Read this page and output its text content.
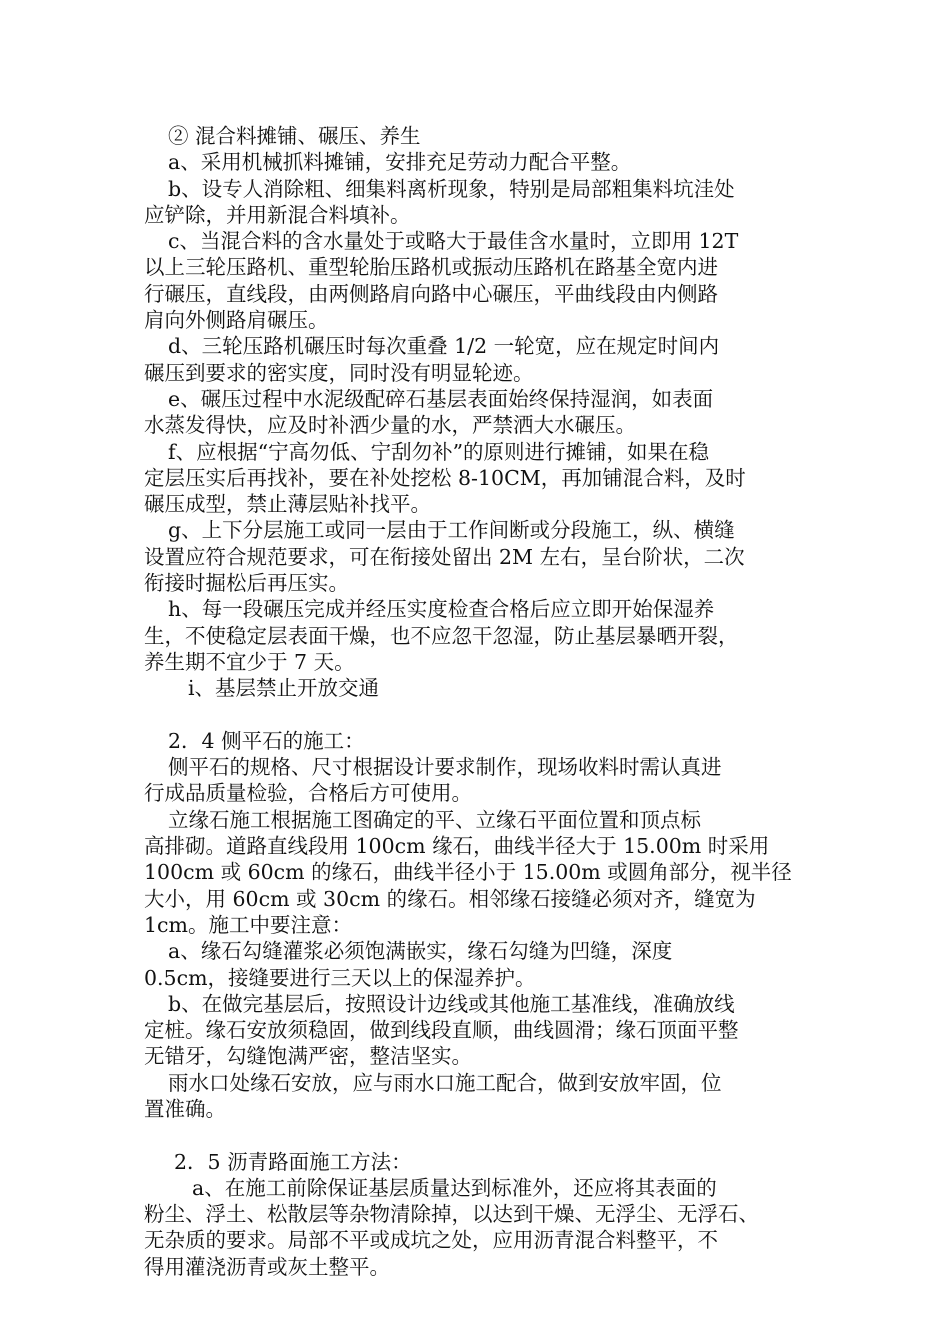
② 混合料摊铺、碾压、养生
a、采用机械抓料摊铺，安排充足劳动力配合平整。
b、设专人消除粗、细集料离析现象，特别是局部粗集料坑洼处
应铲除，并用新混合料填补。
c、当混合料的含水量处于或略大于最佳含水量时，立即用 12T
以上三轮压路机、重型轮胎压路机或振动压路机在路基全宽内进
行碾压，直线段，由两侧路肩向路中心碾压，平曲线段由内侧路
肩向外侧路肩碾压。
d、三轮压路机碾压时每次重叠 1/2 一轮宽，应在规定时间内
碾压到要求的密实度，同时没有明显轮迹。
e、碾压过程中水泥级配碎石基层表面始终保持湿润，如表面
水蒸发得快，应及时补洒少量的水，严禁洒大水碾压。
f、应根据“宁高勿低、宁刮勿补”的原则进行摊铺，如果在稳
定层压实后再找补，要在补处挖松 8-10CM，再加铺混合料，及时
碾压成型，禁止薄层贴补找平。
g、上下分层施工或同一层由于工作间断或分段施工，纵、横缝
设置应符合规范要求，可在衔接处留出 2M 左右，呈台阶状，二次
衔接时掘松后再压实。
h、每一段碾压完成并经压实度检查合格后应立即开始保湿养
生，不使稳定层表面干燥，也不应忽干忽湿，防止基层暴晒开裂，
养生期不宜少于 7 天。
i、基层禁止开放交通
2．4 侧平石的施工：
侧平石的规格、尺寸根据设计要求制作，现场收料时需认真进
行成品质量检验，合格后方可使用。
立缘石施工根据施工图确定的平、立缘石平面位置和顶点标
高排砌。道路直线段用 100cm 缘石，曲线半径大于 15.00m 时采用
100cm 或 60cm 的缘石，曲线半径小于 15.00m 或圆角部分，视半径
大小，用 60cm 或 30cm 的缘石。相邻缘石接缝必须对齐，缝宽为
1cm。施工中要注意：
a、缘石勾缝灌浆必须饱满嵌实，缘石勾缝为凹缝，深度
0.5cm，接缝要进行三天以上的保湿养护。
b、在做完基层后，按照设计边线或其他施工基准线，准确放线
定桩。缘石安放须稳固，做到线段直顺，曲线圆滑；缘石顶面平整
无错牙，勾缝饱满严密，整洁坚实。
雨水口处缘石安放，应与雨水口施工配合，做到安放牢固，位
置准确。
2．5 沥青路面施工方法：
a、在施工前除保证基层质量达到标准外，还应将其表面的
粉尘、浮土、松散层等杂物清除掉，以达到干燥、无浮尘、无浮石、
无杂质的要求。局部不平或成坑之处，应用沥青混合料整平，不
得用灌浇沥青或灰土整平。
